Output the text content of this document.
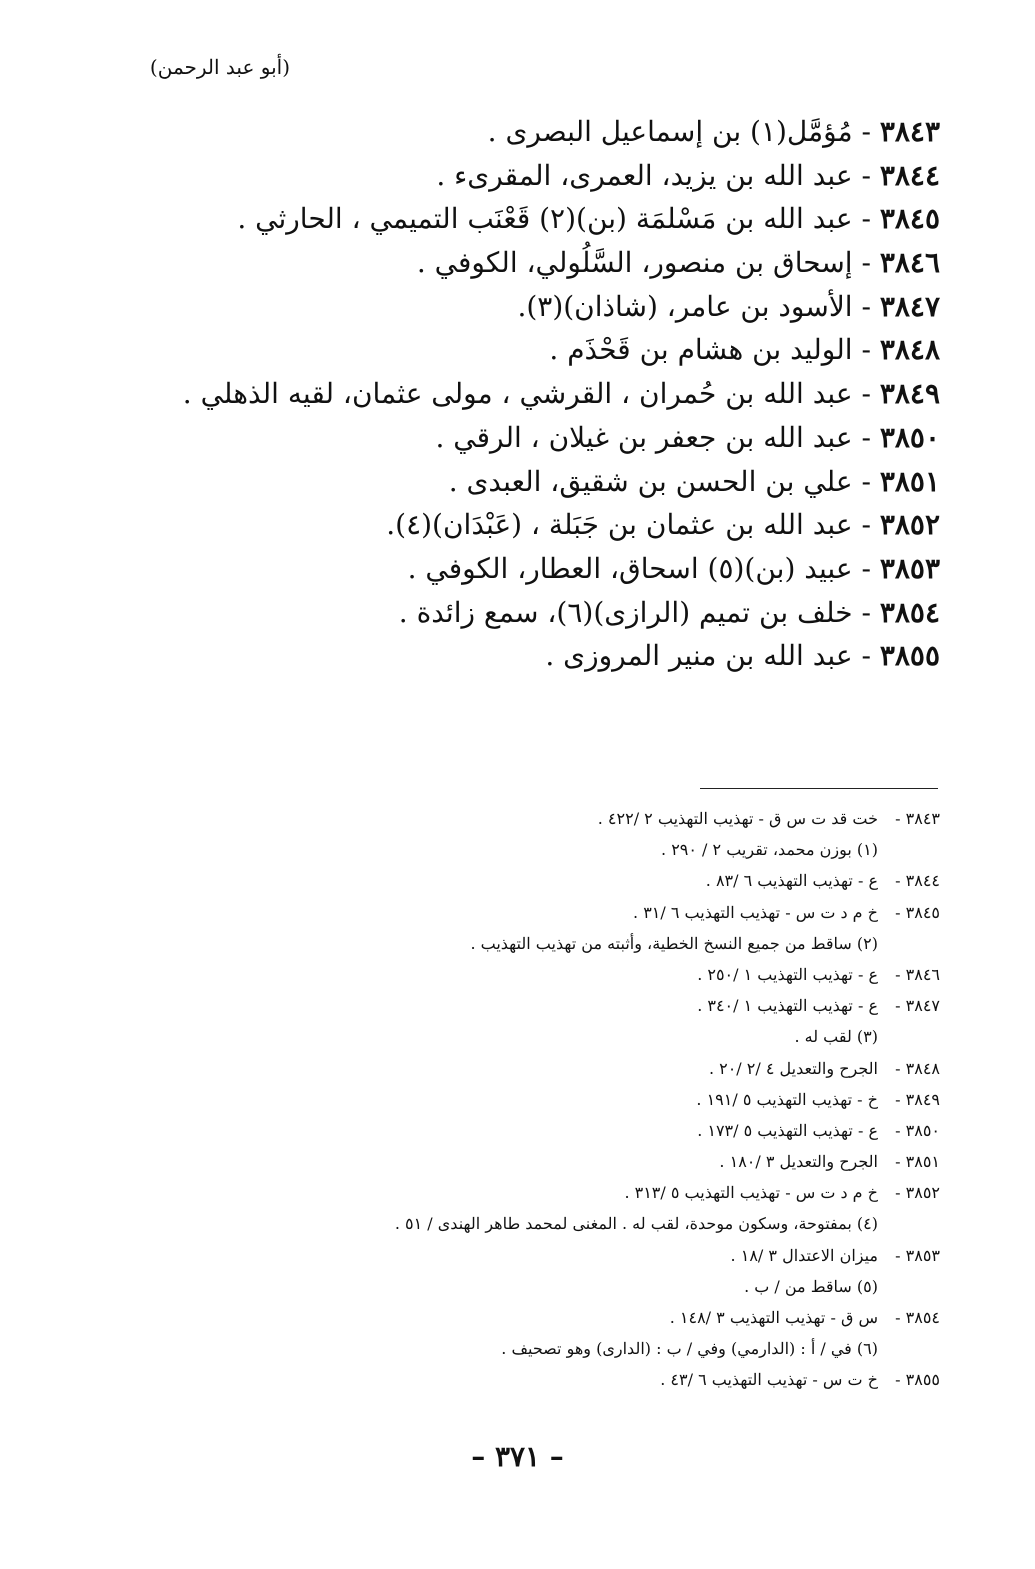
(أبو عبد الرحمن)
٣٨٤٣ - مُؤمَّل(١) بن إسماعيل البصرى .
٣٨٤٤ - عبد الله بن يزيد، العمرى، المقرىء .
٣٨٤٥ - عبد الله بن مَسْلمَة (بن)(٢) قَعْنَب التميمي ، الحارثي .
٣٨٤٦ - إسحاق بن منصور، السَّلُولي، الكوفي .
٣٨٤٧ - الأسود بن عامر، (شاذان)(٣).
٣٨٤٨ - الوليد بن هشام بن قَحْذَم .
٣٨٤٩ - عبد الله بن حُمران ، القرشي ، مولى عثمان، لقيه الذهلي .
٣٨٥٠ - عبد الله بن جعفر بن غيلان ، الرقي .
٣٨٥١ - علي بن الحسن بن شقيق، العبدى .
٣٨٥٢ - عبد الله بن عثمان بن جَبَلة ، (عَبْدَان)(٤).
٣٨٥٣ - عبيد (بن)(٥) اسحاق، العطار، الكوفي .
٣٨٥٤ - خلف بن تميم (الرازى)(٦)، سمع زائدة .
٣٨٥٥ - عبد الله بن منير المروزى .
٣٨٤٣ -
خت قد ت س ق - تهذيب التهذيب ٢ /٤٢٢ .
(١) بوزن محمد، تقريب ٢ / ٢٩٠ .
٣٨٤٤ -
ع - تهذيب التهذيب ٦ /٨٣ .
٣٨٤٥ -
خ م د ت س - تهذيب التهذيب ٦ /٣١ .
(٢) ساقط من جميع النسخ الخطية، وأثبته من تهذيب التهذيب .
٣٨٤٦ -
ع - تهذيب التهذيب ١ /٢٥٠ .
٣٨٤٧ -
ع - تهذيب التهذيب ١ /٣٤٠ .
(٣) لقب له .
٣٨٤٨ -
الجرح والتعديل ٤ /٢ /٢٠ .
٣٨٤٩ -
خ - تهذيب التهذيب ٥ /١٩١ .
٣٨٥٠ -
ع - تهذيب التهذيب ٥ /١٧٣ .
٣٨٥١ -
الجرح والتعديل ٣ /١٨٠ .
٣٨٥٢ -
خ م د ت س - تهذيب التهذيب ٥ /٣١٣ .
(٤) بمفتوحة، وسكون موحدة، لقب له . المغنى لمحمد طاهر الهندى / ٥١ .
٣٨٥٣ -
ميزان الاعتدال ٣ /١٨ .
(٥) ساقط من / ب .
٣٨٥٤ -
س ق - تهذيب التهذيب ٣ /١٤٨ .
(٦) في / أ : (الدارمي) وفي / ب : (الدارى) وهو تصحيف .
٣٨٥٥ -
خ ت س - تهذيب التهذيب ٦ /٤٣ .
– ٣٧١ –
